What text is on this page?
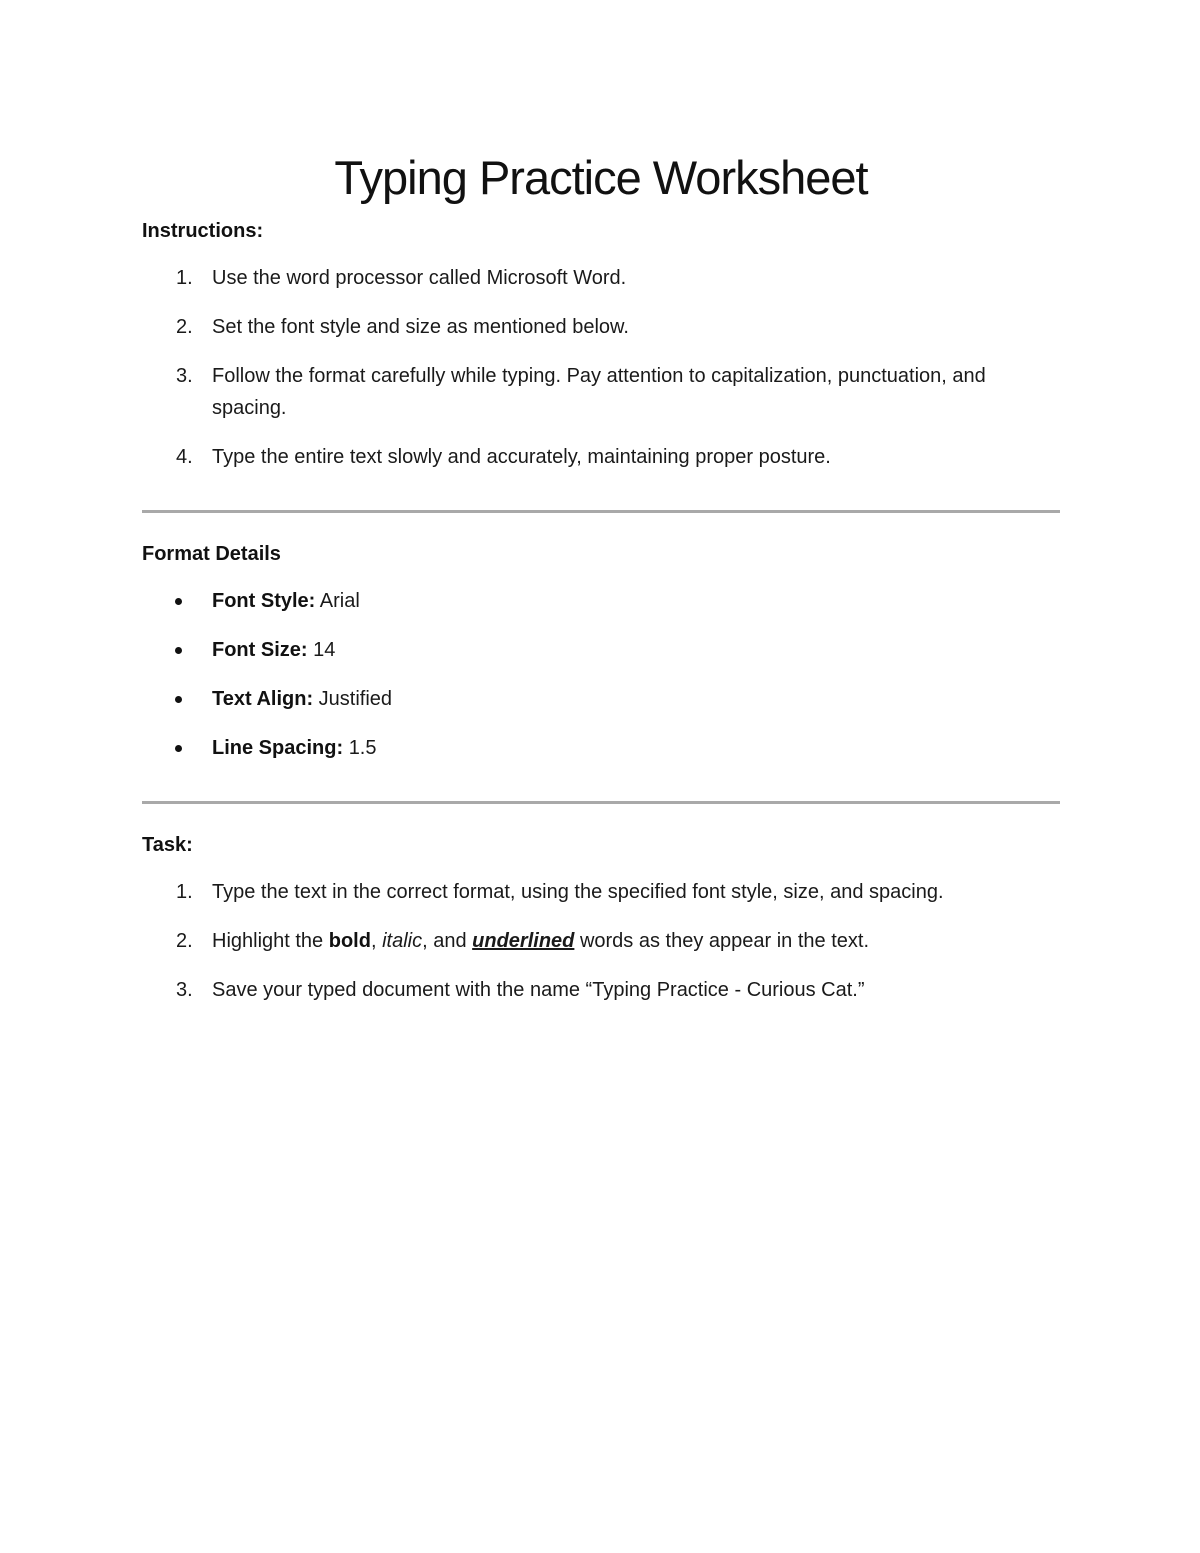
Typing Practice Worksheet

Instructions:

1. Use the word processor called Microsoft Word.
2. Set the font style and size as mentioned below.
3. Follow the format carefully while typing. Pay attention to capitalization, punctuation, and spacing.
4. Type the entire text slowly and accurately, maintaining proper posture.

Format Details

Font Style: Arial
Font Size: 14
Text Align: Justified
Line Spacing: 1.5

Task:

1. Type the text in the correct format, using the specified font style, size, and spacing.
2. Highlight the bold, italic, and underlined words as they appear in the text.
3. Save your typed document with the name “Typing Practice - Curious Cat.”
